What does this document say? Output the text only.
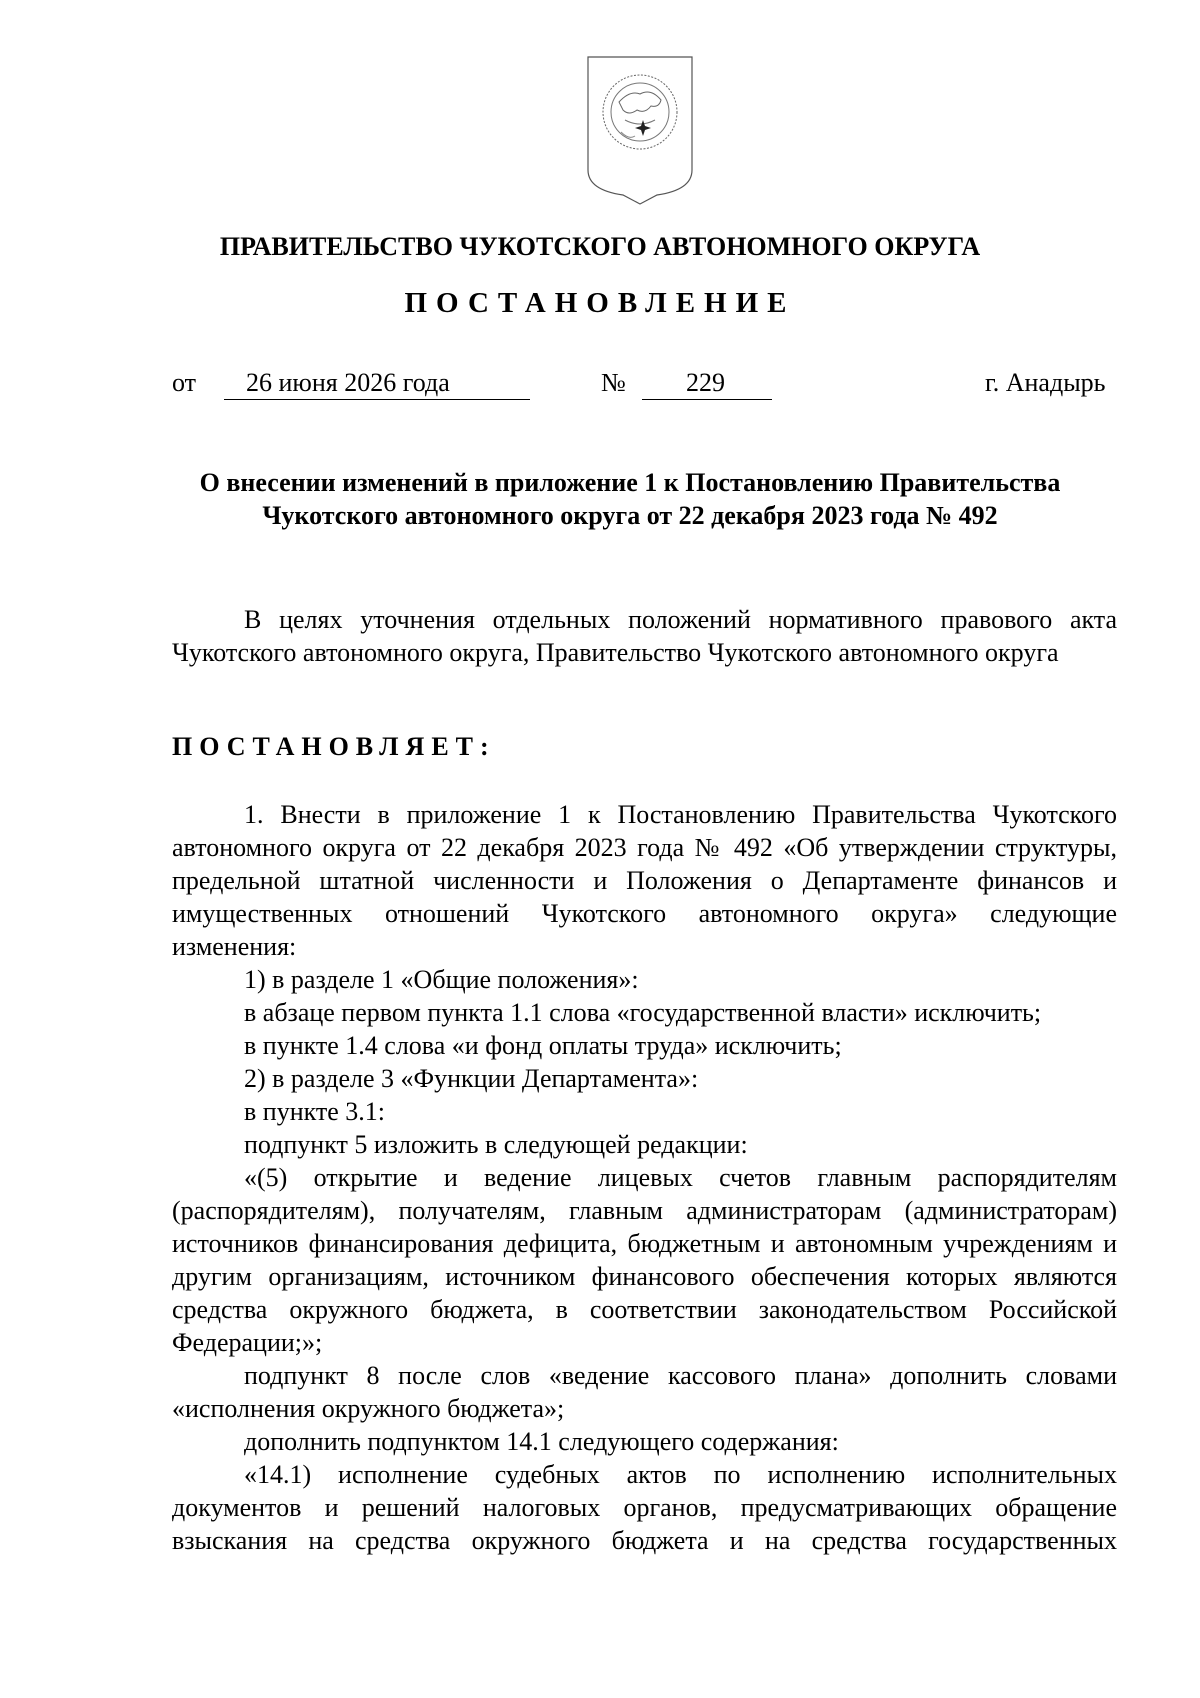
ПРАВИТЕЛЬСТВО ЧУКОТСКОГО АВТОНОМНОГО ОКРУГА
ПОСТАНОВЛЕНИЕ
от 26 июня 2026 года	№ 229	г. Анадырь
О внесении изменений в приложение 1 к Постановлению Правительства
Чукотского автономного округа от 22 декабря 2023 года № 492
В целях уточнения отдельных положений нормативного правового акта Чукотского автономного округа, Правительство Чукотского автономного округа
ПОСТАНОВЛЯЕТ:
1. Внести в приложение 1 к Постановлению Правительства Чукотского автономного округа от 22 декабря 2023 года № 492 «Об утверждении структуры, предельной штатной численности и Положения о Департаменте финансов и имущественных отношений Чукотского автономного округа» следующие изменения:
1) в разделе 1 «Общие положения»:
в абзаце первом пункта 1.1 слова «государственной власти» исключить;
в пункте 1.4 слова «и фонд оплаты труда» исключить;
2) в разделе 3 «Функции Департамента»:
в пункте 3.1:
подпункт 5 изложить в следующей редакции:
«(5) открытие и ведение лицевых счетов главным распорядителям (распорядителям), получателям, главным администраторам (администраторам) источников финансирования дефицита, бюджетным и автономным учреждениям и другим организациям, источником финансового обеспечения которых являются средства окружного бюджета, в соответствии законодательством Российской Федерации;»;
подпункт 8 после слов «ведение кассового плана» дополнить словами «исполнения окружного бюджета»;
дополнить подпунктом 14.1 следующего содержания:
«14.1) исполнение судебных актов по исполнению исполнительных документов и решений налоговых органов, предусматривающих обращение взыскания на средства окружного бюджета и на средства государственных
